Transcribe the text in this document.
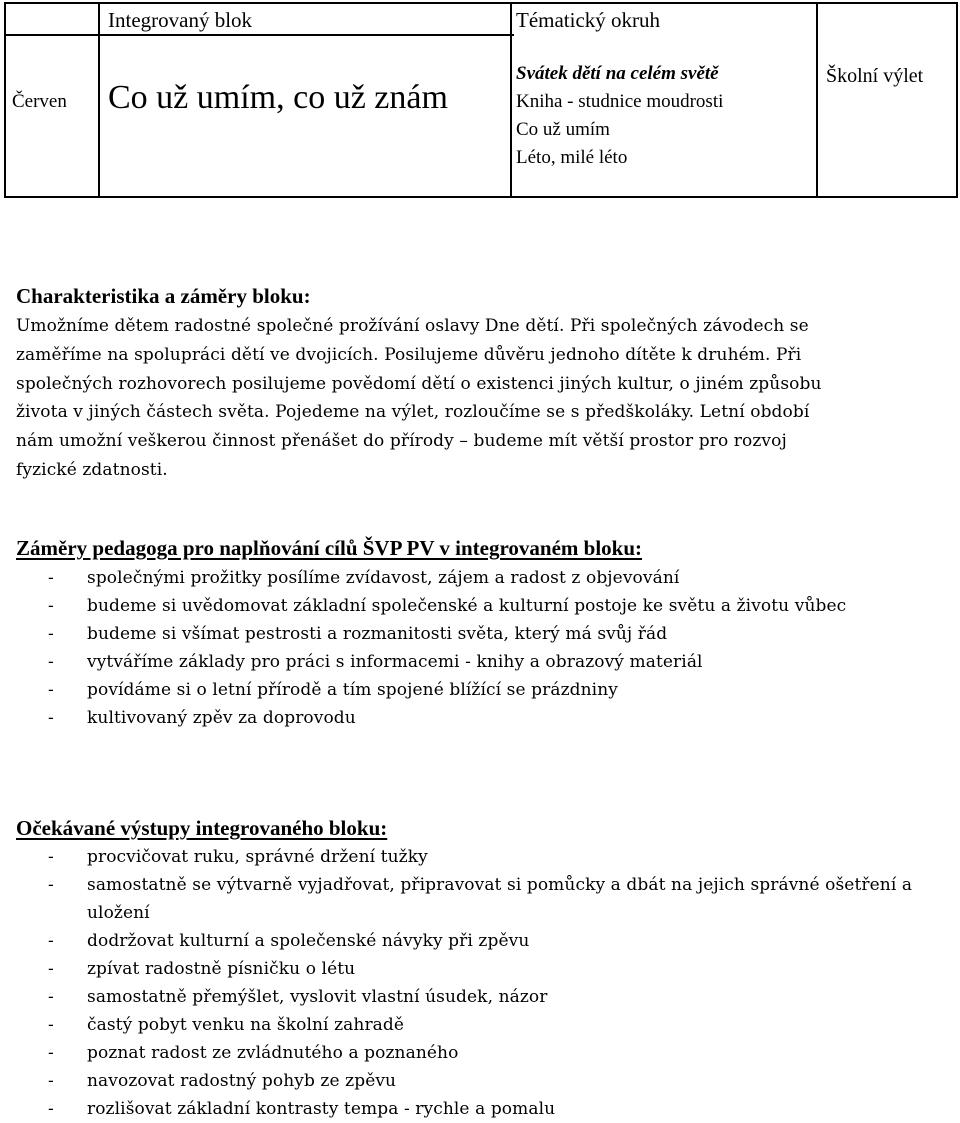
Integrovaný blok	Tématický okruh
Červen Co už umím, co už znám
Svátek dětí na celém světě
Kniha - studnice moudrosti
Co už umím
Léto, milé léto
Školní výlet
Charakteristika a záměry bloku:
Umožníme dětem radostné společné prožívání oslavy Dne dětí. Při společných závodech se
zaměříme na spolupráci dětí ve dvojicích. Posilujeme důvěru jednoho dítěte k druhém. Při
společných rozhovorech posilujeme povědomí dětí o existenci jiných kultur, o jiném způsobu
života v jiných částech světa. Pojedeme na výlet, rozloučíme se s předškoláky. Letní období
nám umožní veškerou činnost přenášet do přírody – budeme mít větší prostor pro rozvoj
fyzické zdatnosti.
Záměry pedagoga pro naplňování cílů ŠVP PV v integrovaném bloku:
- společnými prožitky posílíme zvídavost, zájem a radost z objevování
- budeme si uvědomovat základní společenské a kulturní postoje ke světu a životu vůbec
- budeme si všímat pestrosti a rozmanitosti světa, který má svůj řád
- vytváříme základy pro práci s informacemi - knihy a obrazový materiál
- povídáme si o letní přírodě a tím spojené blížící se prázdniny
- kultivovaný zpěv za doprovodu
Očekávané výstupy integrovaného bloku:
- procvičovat ruku, správné držení tužky
- samostatně se výtvarně vyjadřovat, připravovat si pomůcky a dbát na jejich správné ošetření a uložení
- dodržovat kulturní a společenské návyky při zpěvu
- zpívat radostně písničku o létu
- samostatně přemýšlet, vyslovit vlastní úsudek, názor
- častý pobyt venku na školní zahradě
- poznat radost ze zvládnutého a poznaného
- navozovat radostný pohyb ze zpěvu
- rozlišovat základní kontrasty tempa - rychle a pomalu
